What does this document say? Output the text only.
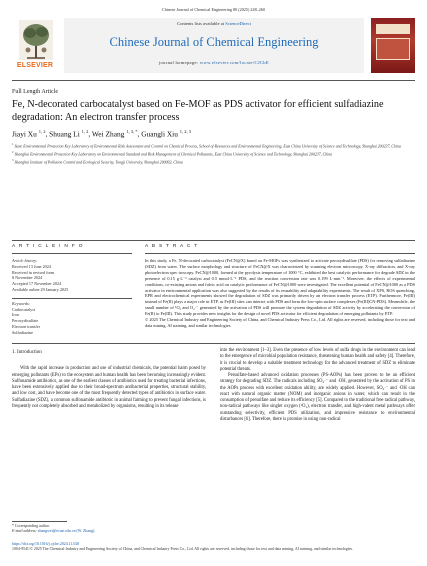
Chinese Journal of Chemical Engineering 80 (2025) 248–260
ELSEVIER
Contents lists available at ScienceDirect
Chinese Journal of Chemical Engineering
journal homepage: www.elsevier.com/locate/CJChE
Full Length Article
Fe, N-decorated carbocatalyst based on Fe-MOF as PDS activator for efficient sulfadiazine degradation: An electron transfer process
Jiayi Xu $^{1, 2}$, Shuang Li $^{1, 2}$, Wei Zhang $^{1, 3, *}$, Guangli Xiu $^{1, 2, 3}$

$^1$ State Environmental Protection Key Laboratory of Environmental Risk Assessment and Control on Chemical Process, School of Resources and Environmental Engineering, East China University of Science and Technology, Shanghai 200237, China

$^2$ Shanghai Environmental Protection Key Laboratory on Environmental Standard and Risk Management of Chemical Pollutants, East China University of Science and Technology, Shanghai 200237, China

$^3$ Shanghai Institute of Pollution Control and Ecological Security, Tongji University, Shanghai 200092, China

A R T I C L E I N F O	A B S T R A C T
Article history:
Received 13 June 2024
Received in revised form
8 November 2024
Accepted 17 November 2024
Available online 29 January 2025
Keywords:
Carbocatalyst
Iron
Peroxydisulfate
Electron transfer
Sulfadiazine
In this study, a Fe, N-decorated carbocatalyst (FeCN@X) based on Fe-MOFs was synthesized to activate peroxydisulfate (PDS) for removing sulfadiazine (SDZ) from water. The surface morphology and structure of FeCN@X was characterized by scanning electron microscopy, X-ray diffraction, and X-ray photoelectron spec troscopy. FeCN@1000, formed at the pyrolysis temperature of 1000 °C, exhibited the best catalytic performance for degrade SDZ in the presence of 0.15 g·L⁻¹ catalyst and 0.5 mmol·L⁻¹ PDS, and the reaction conversion rate was 0.199 L·min⁻¹. Moreover, the effects of experimental conditions, co-existing anions and fulvic acid on catalytic performance of FeCN@1000 were investigated. The excellent potential of FeCN@1000 as a PDS activator in environmental application was also suggested by the results of its reusability and adaptability experiments. The result of XPS, ROS quenching, EPR and electrochemical experiments showed the degradation of SDZ was primarily driven by an electron transfer process (ETP). Furthermore, Fe(III) instead of Fe(II) plays a major role in ETP, as Fe(III) sites can interact with PDS and form the low-spin surface complexes (Fe(III)CN-PDS). Meanwhile, the small number of ¹O₂ and O₂·⁻ generated by the activation of PDS will promote the system degradation of SDZ activity by accelerating the conversion of Fe(II) to Fe(III). This study provides new insights for the design of novel PDS activator for efficient degradation of emerging pollutants by ETP.
© 2025 The Chemical Industry and Engineering Society of China, and Chemical Industry Press Co., Ltd. All rights are reserved, including those for text and data mining, AI training, and similar technologies.
1. Introduction

With the rapid increase in production and use of industrial chemicals, the potential harm posed by emerging pollutants (EPs) to the ecosystem and human health has been becoming increasingly evident. Sulfonamide antibiotics, as one of the earliest classes of antibiotics used for treating bacterial infections, have been extensively applied due to their broad-spectrum antibacterial properties, structural stability, and low cost, and have become one of the most frequently detected types of antibiotics in surface water. Sulfadiazine (SDZ), a common sulfonamide antibiotic in animal farming to prevent fungal infections, is frequently not completely absorbed and metabolized by organisms, resulting in its release

into the environment [1–3]. Even the presence of low levels of sulfa drugs in the environment can lead to the emergence of microbial population resistance, threatening human health and safety [4]. Therefore, it is crucial to develop a suitable treatment technology for the advanced treatment of SDZ to eliminate potential threats.

Persulfate-based advanced oxidation processes (PS-AOPs) has been proven to be an efficient strategy for degrading SDZ. The radicals including SO₄·⁻ and ·OH, generated by the activation of PS in the AOPs process with excellent oxidation ability, are widely applied. However, SO₄·⁻ and ·OH can react with natural organic matter (NOM) and inorganic anions in water, which can result in the consumption of persulfate and reduce its efficiency [5]. Compared to the traditional free radical pathway, non-radical pathways like singlet oxygen (¹O₂), electron transfer, and high-valent metal pathways offer outstanding selectivity, efficient PDS utilization, and impressive resistance to environmental disturbances [6]. Therefore, there is promise in using non-radical

* Corresponding author.
E-mail address: zhangwei@ecust.edu.cn (W. Zhang).
https://doi.org/10.1016/j.cjche.2024.11.020
1004-9541/© 2025 The Chemical Industry and Engineering Society of China, and Chemical Industry Press Co., Ltd. All rights are reserved, including those for text and data mining, AI training, and similar technologies.
